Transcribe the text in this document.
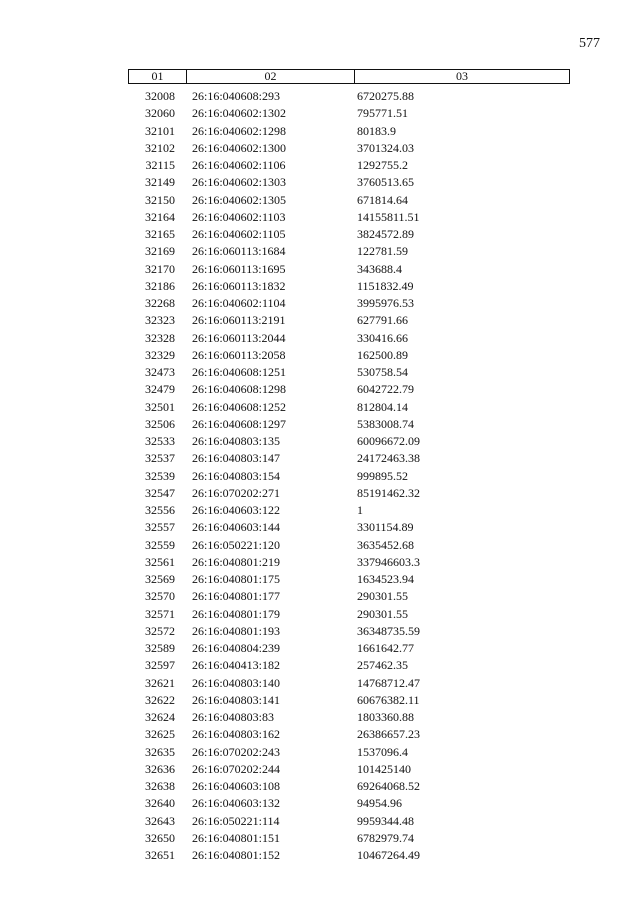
577
01	02	03
32008	26:16:040608:293	6720275.88
32060	26:16:040602:1302	795771.51
32101	26:16:040602:1298	80183.9
32102	26:16:040602:1300	3701324.03
32115	26:16:040602:1106	1292755.2
32149	26:16:040602:1303	3760513.65
32150	26:16:040602:1305	671814.64
32164	26:16:040602:1103	14155811.51
32165	26:16:040602:1105	3824572.89
32169	26:16:060113:1684	122781.59
32170	26:16:060113:1695	343688.4
32186	26:16:060113:1832	1151832.49
32268	26:16:040602:1104	3995976.53
32323	26:16:060113:2191	627791.66
32328	26:16:060113:2044	330416.66
32329	26:16:060113:2058	162500.89
32473	26:16:040608:1251	530758.54
32479	26:16:040608:1298	6042722.79
32501	26:16:040608:1252	812804.14
32506	26:16:040608:1297	5383008.74
32533	26:16:040803:135	60096672.09
32537	26:16:040803:147	24172463.38
32539	26:16:040803:154	999895.52
32547	26:16:070202:271	85191462.32
32556	26:16:040603:122	1
32557	26:16:040603:144	3301154.89
32559	26:16:050221:120	3635452.68
32561	26:16:040801:219	337946603.3
32569	26:16:040801:175	1634523.94
32570	26:16:040801:177	290301.55
32571	26:16:040801:179	290301.55
32572	26:16:040801:193	36348735.59
32589	26:16:040804:239	1661642.77
32597	26:16:040413:182	257462.35
32621	26:16:040803:140	14768712.47
32622	26:16:040803:141	60676382.11
32624	26:16:040803:83	1803360.88
32625	26:16:040803:162	26386657.23
32635	26:16:070202:243	1537096.4
32636	26:16:070202:244	101425140
32638	26:16:040603:108	69264068.52
32640	26:16:040603:132	94954.96
32643	26:16:050221:114	9959344.48
32650	26:16:040801:151	6782979.74
32651	26:16:040801:152	10467264.49
